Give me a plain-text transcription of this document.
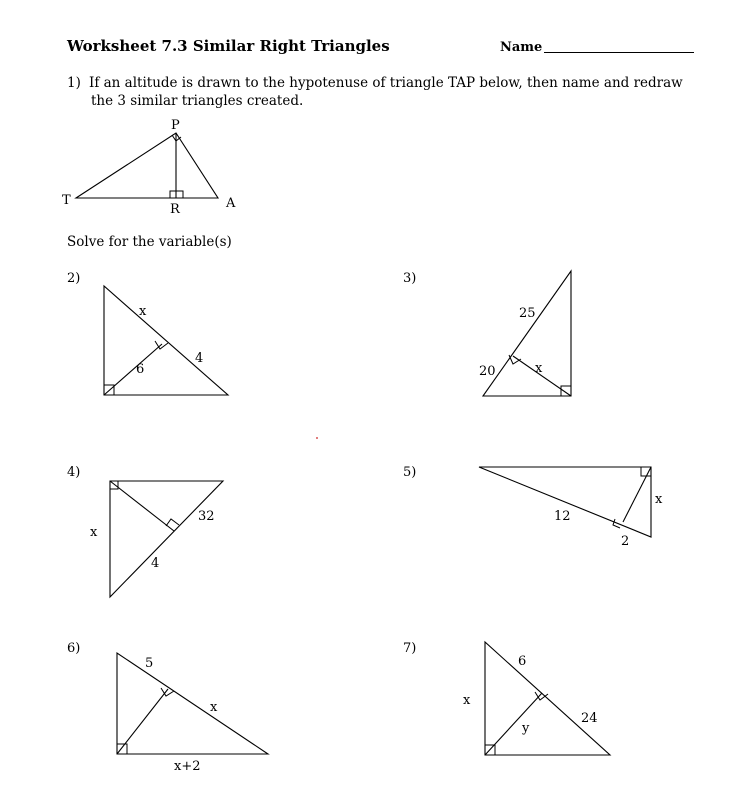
Worksheet 7.3 Similar Right Triangles	Name
1) If an altitude is drawn to the hypotenuse of triangle TAP below, then name and redraw
the 3 similar triangles created.
Solve for the variable(s)
P
T	A
R
2)
x
6
4
3)
25
20	x
4)
x
32
4
5)
12
2
x
6)
5
x
x+2
7)
6
x
24
y
